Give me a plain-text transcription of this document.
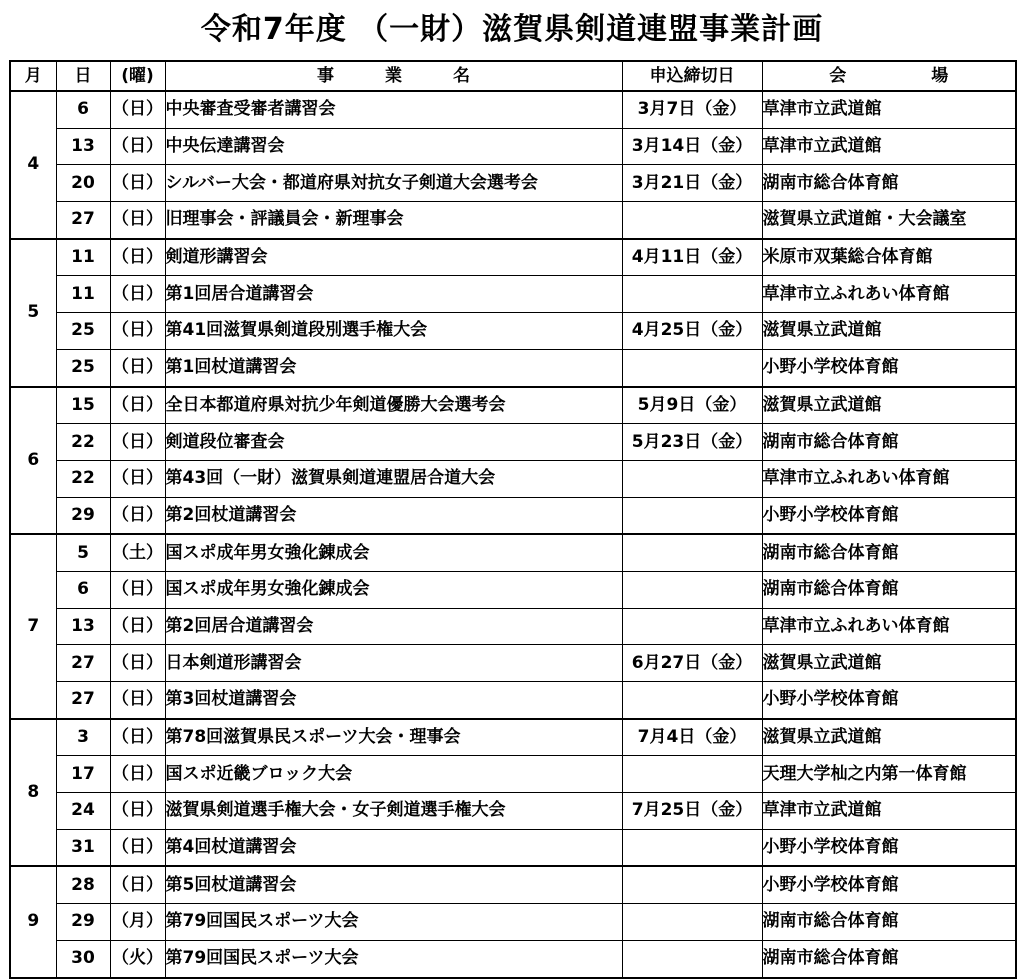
令和7年度 （一財）滋賀県剣道連盟事業計画
月	日	(曜)	事　　　業　　　名	申込締切日	会　　　　　場
4	6	（日）	中央審査受審者講習会	3月7日（金）	草津市立武道館
	13	（日）	中央伝達講習会	3月14日（金）	草津市立武道館
	20	（日）	シルバー大会・都道府県対抗女子剣道大会選考会	3月21日（金）	湖南市総合体育館
	27	（日）	旧理事会・評議員会・新理事会		滋賀県立武道館・大会議室
5	11	（日）	剣道形講習会	4月11日（金）	米原市双葉総合体育館
	11	（日）	第1回居合道講習会		草津市立ふれあい体育館
	25	（日）	第41回滋賀県剣道段別選手権大会	4月25日（金）	滋賀県立武道館
	25	（日）	第1回杖道講習会		小野小学校体育館
6	15	（日）	全日本都道府県対抗少年剣道優勝大会選考会	5月9日（金）	滋賀県立武道館
	22	（日）	剣道段位審査会	5月23日（金）	湖南市総合体育館
	22	（日）	第43回（一財）滋賀県剣道連盟居合道大会		草津市立ふれあい体育館
	29	（日）	第2回杖道講習会		小野小学校体育館
7	5	（土）	国スポ成年男女強化錬成会		湖南市総合体育館
	6	（日）	国スポ成年男女強化錬成会		湖南市総合体育館
	13	（日）	第2回居合道講習会		草津市立ふれあい体育館
	27	（日）	日本剣道形講習会	6月27日（金）	滋賀県立武道館
	27	（日）	第3回杖道講習会		小野小学校体育館
8	3	（日）	第78回滋賀県民スポーツ大会・理事会	7月4日（金）	滋賀県立武道館
	17	（日）	国スポ近畿ブロック大会		天理大学杣之内第一体育館
	24	（日）	滋賀県剣道選手権大会・女子剣道選手権大会	7月25日（金）	草津市立武道館
	31	（日）	第4回杖道講習会		小野小学校体育館
9	28	（日）	第5回杖道講習会		小野小学校体育館
	29	（月）	第79回国民スポーツ大会		湖南市総合体育館
	30	（火）	第79回国民スポーツ大会		湖南市総合体育館
